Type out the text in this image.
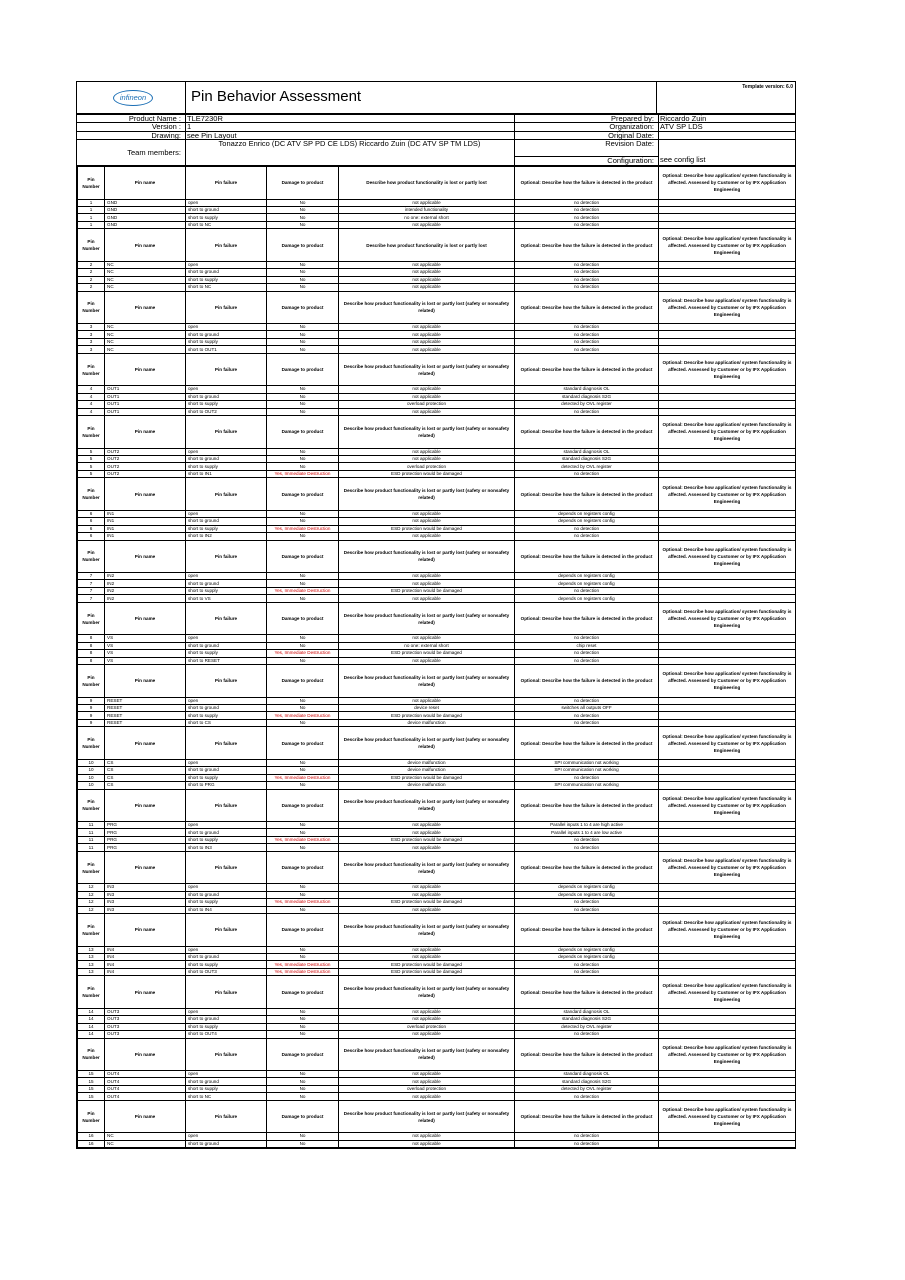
infineon	Pin Behavior Assessment
Template version: 6.0
Product Name : TLE7230R	Prepared by: Riccardo Zuin
Version : 1	Organization: ATV SP LDS
Drawing: see Pin Layout	Original Date:
Tonazzo Enrico (DC ATV SP PD CE LDS) Riccardo Zuin (DC ATV SP TM LDS)	Revision Date:
Team members:
Configuration: see config list
Pin Number	Pin name	Pin failure	Damage to product	Describe how product functionality is lost or partly lost	Optional: Describe how the failure is detected in the product	Optional: Describe how application/ system functionality is affected. Assessed by Customer or by IFX Application Engineering
1	GND	open	No	not applicable	no detection	
1	GND	short to ground	No	intended functionality	no detection	
1	GND	short to supply	No	no one: external short	no detection	
1	GND	short to NC	No	not applicable	no detection	
Pin Number	Pin name	Pin failure	Damage to product	Describe how product functionality is lost or partly lost	Optional: Describe how the failure is detected in the product	Optional: Describe how application/ system functionality is affected. Assessed by Customer or by IFX Application Engineering
2	NC	open	No	not applicable	no detection	
2	NC	short to ground	No	not applicable	no detection	
2	NC	short to supply	No	not applicable	no detection	
2	NC	short to NC	No	not applicable	no detection	
Pin Number	Pin name	Pin failure	Damage to product	Describe how product functionality is lost or partly lost (safety or nonsafety related)	Optional: Describe how the failure is detected in the product	Optional: Describe how application/ system functionality is affected. Assessed by Customer or by IFX Application Engineering
3	NC	open	No	not applicable	no detection	
3	NC	short to ground	No	not applicable	no detection	
3	NC	short to supply	No	not applicable	no detection	
3	NC	short to OUT1	No	not applicable	no detection	
Pin Number	Pin name	Pin failure	Damage to product	Describe how product functionality is lost or partly lost (safety or nonsafety related)	Optional: Describe how the failure is detected in the product	Optional: Describe how application/ system functionality is affected. Assessed by Customer or by IFX Application Engineering
4	OUT1	open	No	not applicable	standard diagnosis OL	
4	OUT1	short to ground	No	not applicable	standard diagnosis S2G	
4	OUT1	short to supply	No	overload protection	detected by OVL register	
4	OUT1	short to OUT2	No	not applicable	no detection	
Pin Number	Pin name	Pin failure	Damage to product	Describe how product functionality is lost or partly lost (safety or nonsafety related)	Optional: Describe how the failure is detected in the product	Optional: Describe how application/ system functionality is affected. Assessed by Customer or by IFX Application Engineering
5	OUT2	open	No	not applicable	standard diagnosis OL	
5	OUT2	short to ground	No	not applicable	standard diagnosis S2G	
5	OUT2	short to supply	No	overload protection	detected by OVL register	
5	OUT2	short to IN1	Yes, Immediate Destruction	ESD protection would be damaged	no detection	
Pin Number	Pin name	Pin failure	Damage to product	Describe how product functionality is lost or partly lost (safety or nonsafety related)	Optional: Describe how the failure is detected in the product	Optional: Describe how application/ system functionality is affected. Assessed by Customer or by IFX Application Engineering
6	IN1	open	No	not applicable	depends on registers config	
6	IN1	short to ground	No	not applicable	depends on registers config	
6	IN1	short to supply	Yes, Immediate Destruction	ESD protection would be damaged	no detection	
6	IN1	short to IN2	No	not applicable	no detection	
Pin Number	Pin name	Pin failure	Damage to product	Describe how product functionality is lost or partly lost (safety or nonsafety related)	Optional: Describe how the failure is detected in the product	Optional: Describe how application/ system functionality is affected. Assessed by Customer or by IFX Application Engineering
7	IN2	open	No	not applicable	depends on registers config	
7	IN2	short to ground	No	not applicable	depends on registers config	
7	IN2	short to supply	Yes, Immediate Destruction	ESD protection would be damaged	no detection	
7	IN2	short to VS	No	not applicable	depends on registers config	
Pin Number	Pin name	Pin failure	Damage to product	Describe how product functionality is lost or partly lost (safety or nonsafety related)	Optional: Describe how the failure is detected in the product	Optional: Describe how application/ system functionality is affected. Assessed by Customer or by IFX Application Engineering
8	VS	open	No	not applicable	no detection	
8	VS	short to ground	No	no one: external short	chip reset	
8	VS	short to supply	Yes, Immediate Destruction	ESD protection would be damaged	no detection	
8	VS	short to RESET	No	not applicable	no detection	
Pin Number	Pin name	Pin failure	Damage to product	Describe how product functionality is lost or partly lost (safety or nonsafety related)	Optional: Describe how the failure is detected in the product	Optional: Describe how application/ system functionality is affected. Assessed by Customer or by IFX Application Engineering
9	RESET	open	No	not applicable	no detection	
9	RESET	short to ground	No	device reset	switches all outputs OFF	
9	RESET	short to supply	Yes, Immediate Destruction	ESD protection would be damaged	no detection	
9	RESET	short to CS	No	device malfunction	no detection	
Pin Number	Pin name	Pin failure	Damage to product	Describe how product functionality is lost or partly lost (safety or nonsafety related)	Optional: Describe how the failure is detected in the product	Optional: Describe how application/ system functionality is affected. Assessed by Customer or by IFX Application Engineering
10	CS	open	No	device malfunction	SPI communication not working	
10	CS	short to ground	No	device malfunction	SPI communication not working	
10	CS	short to supply	Yes, Immediate Destruction	ESD protection would be damaged	no detection	
10	CS	short to PRG	No	device malfunction	SPI communication not working	
Pin Number	Pin name	Pin failure	Damage to product	Describe how product functionality is lost or partly lost (safety or nonsafety related)	Optional: Describe how the failure is detected in the product	Optional: Describe how application/ system functionality is affected. Assessed by Customer or by IFX Application Engineering
11	PRG	open	No	not applicable	Parallel inputs 1 to 4 are high active	
11	PRG	short to ground	No	not applicable	Parallel inputs 1 to 4 are low active	
11	PRG	short to supply	Yes, Immediate Destruction	ESD protection would be damaged	no detection	
11	PRG	short to IN3	No	not applicable	no detection	
Pin Number	Pin name	Pin failure	Damage to product	Describe how product functionality is lost or partly lost (safety or nonsafety related)	Optional: Describe how the failure is detected in the product	Optional: Describe how application/ system functionality is affected. Assessed by Customer or by IFX Application Engineering
12	IN3	open	No	not applicable	depends on registers config	
12	IN3	short to ground	No	not applicable	depends on registers config	
12	IN3	short to supply	Yes, Immediate Destruction	ESD protection would be damaged	no detection	
12	IN3	short to IN4	No	not applicable	no detection	
Pin Number	Pin name	Pin failure	Damage to product	Describe how product functionality is lost or partly lost (safety or nonsafety related)	Optional: Describe how the failure is detected in the product	Optional: Describe how application/ system functionality is affected. Assessed by Customer or by IFX Application Engineering
13	IN4	open	No	not applicable	depends on registers config	
13	IN4	short to ground	No	not applicable	depends on registers config	
13	IN4	short to supply	Yes, Immediate Destruction	ESD protection would be damaged	no detection	
13	IN4	short to OUT3	Yes, Immediate Destruction	ESD protection would be damaged	no detection	
Pin Number	Pin name	Pin failure	Damage to product	Describe how product functionality is lost or partly lost (safety or nonsafety related)	Optional: Describe how the failure is detected in the product	Optional: Describe how application/ system functionality is affected. Assessed by Customer or by IFX Application Engineering
14	OUT3	open	No	not applicable	standard diagnosis OL	
14	OUT3	short to ground	No	not applicable	standard diagnosis S2G	
14	OUT3	short to supply	No	overload protection	detected by OVL register	
14	OUT3	short to OUT4	No	not applicable	no detection	
Pin Number	Pin name	Pin failure	Damage to product	Describe how product functionality is lost or partly lost (safety or nonsafety related)	Optional: Describe how the failure is detected in the product	Optional: Describe how application/ system functionality is affected. Assessed by Customer or by IFX Application Engineering
15	OUT4	open	No	not applicable	standard diagnosis OL	
15	OUT4	short to ground	No	not applicable	standard diagnosis S2G	
15	OUT4	short to supply	No	overload protection	detected by OVL register	
15	OUT4	short to NC	No	not applicable	no detection	
Pin Number	Pin name	Pin failure	Damage to product	Describe how product functionality is lost or partly lost (safety or nonsafety related)	Optional: Describe how the failure is detected in the product	Optional: Describe how application/ system functionality is affected. Assessed by Customer or by IFX Application Engineering
16	NC	open	No	not applicable	no detection	
16	NC	short to ground	No	not applicable	no detection	
